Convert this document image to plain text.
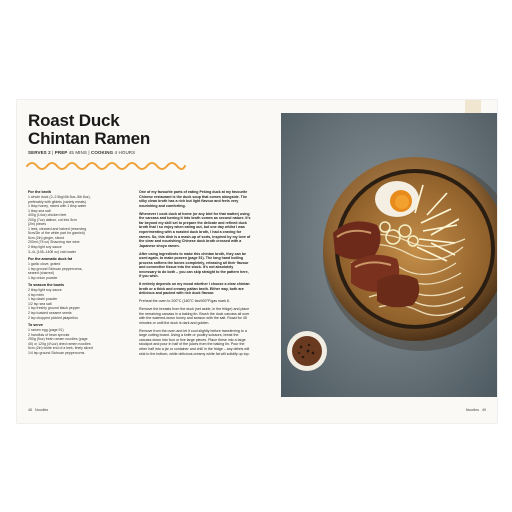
Roast Duck
Chintan Ramen
SERVES 2 | PREP 45 MINS | COOKING 4 HOURS

For the broth

1 whole duck (2–2.5kg/4lb 8oz–5lb 8oz),

preferably with giblets (variety meats)

1 tbsp honey, mixed with 1 tbsp water

1 tbsp sea salt

400g (14oz) chicken feet

200g (7oz) daikon, cut into 5cm

(2in) pieces

1 leek, cleaned and halved (reserving

5cm/2in of the white part for garnish)

5cm (2in) ginger, sliced

200ml (7fl oz) Shaoxing rice wine

2 tbsp light soy sauce

3–4L (105–140fl oz) cold water

For the aromatic duck fat

1 garlic clove, grated

1 tsp ground Sichuan peppercorns,

seared (charred)

1 tsp onion powder

To season the bowls

2 tbsp light soy sauce

4 tsp mirin

1 tsp dashi powder

1/2 tsp sea salt

1 tsp freshly ground black pepper

2 tsp toasted sesame seeds

2 tsp chopped pickled jalapeños

To serve

1 ramen egg (page 91)

2 handfuls of bean sprouts

250g (9oz) fresh ramen noodles (page

40) or 120g (4¼oz) dried ramen noodles

5cm (2in) white end of a leek, finely sliced

1/4 tsp ground Sichuan peppercorns

One of my favourite parts of eating Peking duck at my favourite Chinese restaurant is the duck soup that comes alongside. The silky clean broth has a rich but light flavour and feels very nourishing and comforting.

Whenever I cook duck at home (or any bird for that matter) using the carcass and turning it into broth comes as second nature. It's far beyond my skill set to prepare the delicate and refined duck broth that I so enjoy when eating out, but one day whilst I was experimenting with a roasted duck broth, I had a craving for ramen. So, this dish is a mash-up of sorts, inspired by my love of the clear and nourishing Chinese duck broth crossed with a Japanese shoyu ramen.

After using ingredients to make this chintan broth, they can be used again, to make ponzen (page 51). The long hand boiling process softens the bones completely, releasing all their flavour and connective tissue into the stock. It's not absolutely necessary to do both – you can skip straight to the pattern here, if you wish.

It entirely depends on my mood whether I choose a clear chintan broth or a thick and creamy paitan broth. Either way, both are delicious and packed with rich duck flavour.

Preheat the oven to 200°C (180°C fan/400°F/gas mark 6.

Remove the breasts from the duck (set aside, in the fridge) and place the remaining carcass in a baking tin. Brush the duck carcass all over with the watered-down honey and season with the salt. Roast for 45 minutes or until the duck is dark and golden.

Remove from the oven and let it cool slightly before transferring to a large cutting board. Using a knife or poultry scissors, break the carcass down into four or five large pieces. Place these into a large stockpot and pour in half of the juices from the baking tin. Pour the other half into a jar or container and chill in the fridge – any debris will sink to the bottom, while delicious creamy white fat will solidify up top.

48 Noodles	Noodles 49
